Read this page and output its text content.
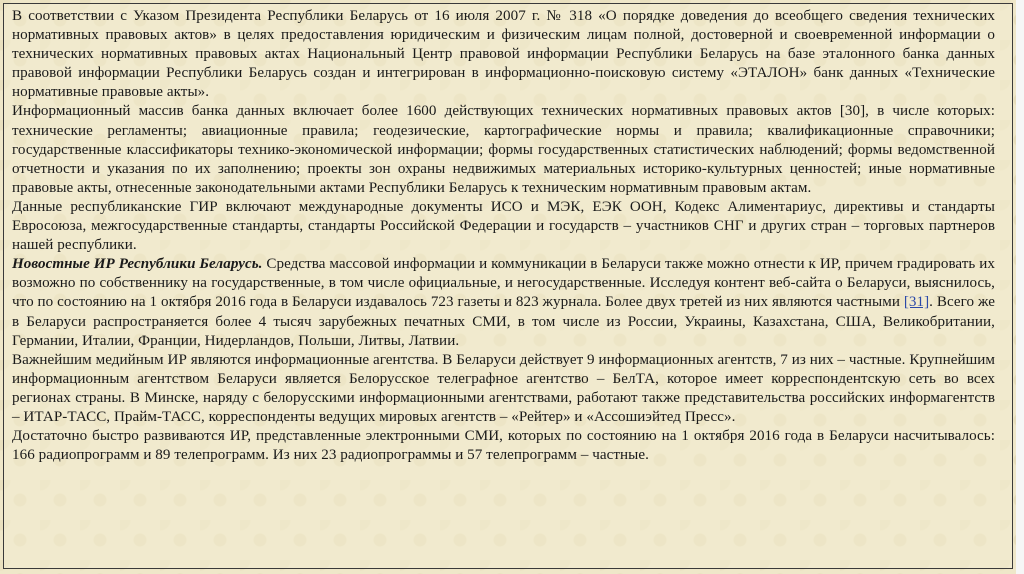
В соответствии с Указом Президента Республики Беларусь от 16 июля 2007 г. № 318 «О порядке доведения до всеобщего сведения технических нормативных правовых актов» в целях предоставления юридическим и физическим лицам полной, достоверной и своевременной информации о технических нормативных правовых актах Национальный Центр правовой информации Республики Беларусь на базе эталонного банка данных правовой информации Республики Беларусь создан и интегрирован в информационно-поисковую систему «ЭТАЛОН» банк данных «Технические нормативные правовые акты».

Информационный массив банка данных включает более 1600 действующих технических нормативных правовых актов [30], в числе которых: технические регламенты; авиационные правила; геодезические, картографические нормы и правила; квалификационные справочники; государственные классификаторы технико-экономической информации; формы государственных статистических наблюдений; формы ведомственной отчетности и указания по их заполнению; проекты зон охраны недвижимых материальных историко-культурных ценностей; иные нормативные правовые акты, отнесенные законодательными актами Республики Беларусь к техническим нормативным правовым актам.

Данные республиканские ГИР включают международные документы ИСО и МЭК, ЕЭК ООН, Кодекс Алиментариус, директивы и стандарты Евросоюза, межгосударственные стандарты, стандарты Российской Федерации и государств – участников СНГ и других стран – торговых партнеров нашей республики.

Новостные ИР Республики Беларусь. Средства массовой информации и коммуникации в Беларуси также можно отнести к ИР, причем градировать их возможно по собственнику на государственные, в том числе официальные, и негосударственные. Исследуя контент веб-сайта о Беларуси, выяснилось, что по состоянию на 1 октября 2016 года в Беларуси издавалось 723 газеты и 823 журнала. Более двух третей из них являются частными [31]. Всего же в Беларуси распространяется более 4 тысяч зарубежных печатных СМИ, в том числе из России, Украины, Казахстана, США, Великобритании, Германии, Италии, Франции, Нидерландов, Польши, Литвы, Латвии.

Важнейшим медийным ИР являются информационные агентства. В Беларуси действует 9 информационных агентств, 7 из них – частные. Крупнейшим информационным агентством Беларуси является Белорусское телеграфное агентство – БелТА, которое имеет корреспондентскую сеть во всех регионах страны. В Минске, наряду с белорусскими информационными агентствами, работают также представительства российских информагентств – ИТАР-ТАСС, Прайм-ТАСС, корреспонденты ведущих мировых агентств – «Рейтер» и «Ассошиэйтед Пресс».

Достаточно быстро развиваются ИР, представленные электронными СМИ, которых по состоянию на 1 октября 2016 года в Беларуси насчитывалось: 166 радиопрограмм и 89 телепрограмм. Из них 23 радиопрограммы и 57 телепрограмм – частные.
